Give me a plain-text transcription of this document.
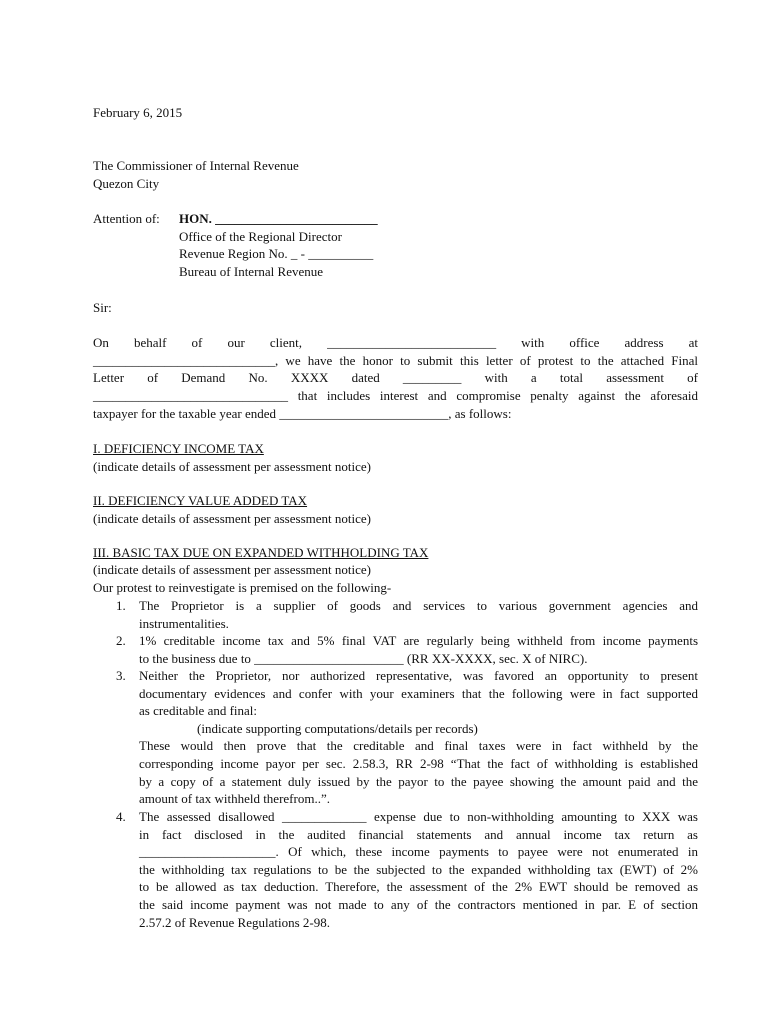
February 6, 2015
The Commissioner of Internal Revenue
Quezon City
Attention of: HON. _________________________
Office of the Regional Director
Revenue Region No. _ - __________
Bureau of Internal Revenue
Sir:
On behalf of our client, __________________________ with office address at
____________________________, we have the honor to submit this letter of protest to the attached Final
Letter of Demand No. XXXX dated _________ with a total assessment of
______________________________ that includes interest and compromise penalty against the aforesaid
taxpayer for the taxable year ended __________________________, as follows:
I. DEFICIENCY INCOME TAX
(indicate details of assessment per assessment notice)
II. DEFICIENCY VALUE ADDED TAX
(indicate details of assessment per assessment notice)
III. BASIC TAX DUE ON EXPANDED WITHHOLDING TAX
(indicate details of assessment per assessment notice)
Our protest to reinvestigate is premised on the following-
1. The Proprietor is a supplier of goods and services to various government agencies and
instrumentalities.
2. 1% creditable income tax and 5% final VAT are regularly being withheld from income payments
to the business due to _______________________ (RR XX-XXXX, sec. X of NIRC).
3. Neither the Proprietor, nor authorized representative, was favored an opportunity to present
documentary evidences and confer with your examiners that the following were in fact supported
as creditable and final:
(indicate supporting computations/details per records)
These would then prove that the creditable and final taxes were in fact withheld by the
corresponding income payor per sec. 2.58.3, RR 2-98 “That the fact of withholding is established
by a copy of a statement duly issued by the payor to the payee showing the amount paid and the
amount of tax withheld therefrom..”.
4. The assessed disallowed _____________ expense due to non-withholding amounting to XXX was
in fact disclosed in the audited financial statements and annual income tax return as
_____________________. Of which, these income payments to payee were not enumerated in
the withholding tax regulations to be the subjected to the expanded withholding tax (EWT) of 2%
to be allowed as tax deduction. Therefore, the assessment of the 2% EWT should be removed as
the said income payment was not made to any of the contractors mentioned in par. E of section
2.57.2 of Revenue Regulations 2-98.
